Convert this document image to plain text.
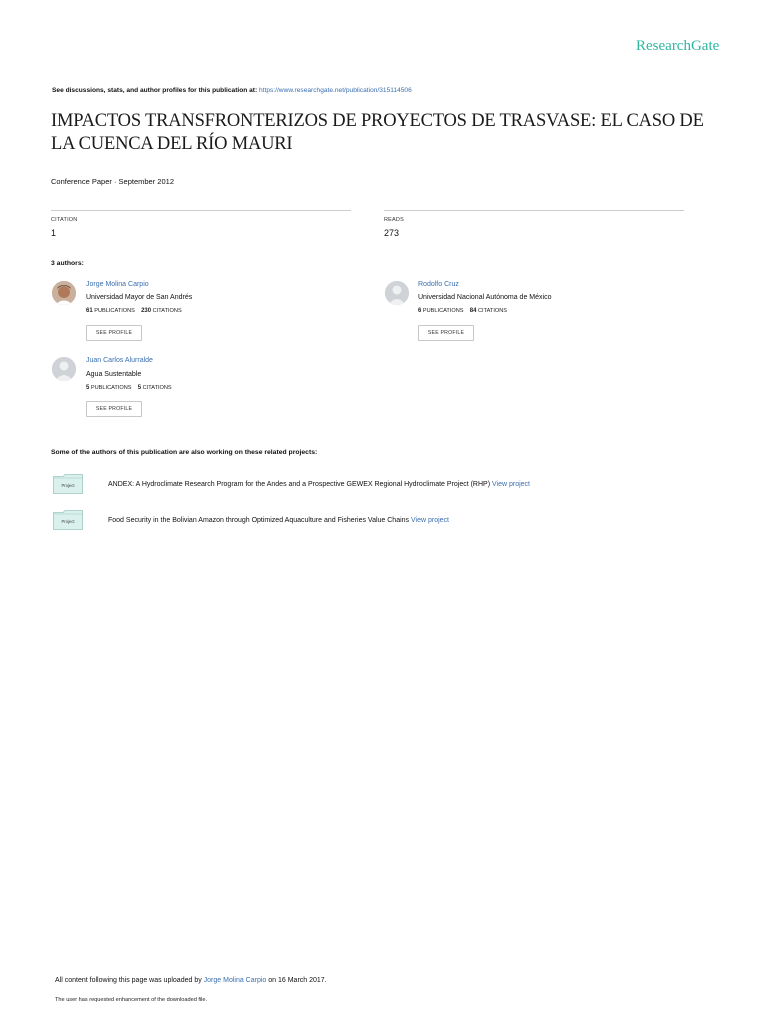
ResearchGate
See discussions, stats, and author profiles for this publication at: https://www.researchgate.net/publication/315114506
IMPACTOS TRANSFRONTERIZOS DE PROYECTOS DE TRASVASE: EL CASO DE LA CUENCA DEL RÍO MAURI
Conference Paper · September 2012
CITATION
1
READS
273
3 authors:
Jorge Molina Carpio
Universidad Mayor de San Andrés
61 PUBLICATIONS 230 CITATIONS
SEE PROFILE
Rodolfo Cruz
Universidad Nacional Autónoma de México
6 PUBLICATIONS 84 CITATIONS
SEE PROFILE
Juan Carlos Alurralde
Agua Sustentable
5 PUBLICATIONS 5 CITATIONS
SEE PROFILE
Some of the authors of this publication are also working on these related projects:
Project	ANDEX: A Hydroclimate Research Program for the Andes and a Prospective GEWEX Regional Hydroclimate Project (RHP) View project
Project	Food Security in the Bolivian Amazon through Optimized Aquaculture and Fisheries Value Chains View project
All content following this page was uploaded by Jorge Molina Carpio on 16 March 2017.
The user has requested enhancement of the downloaded file.
